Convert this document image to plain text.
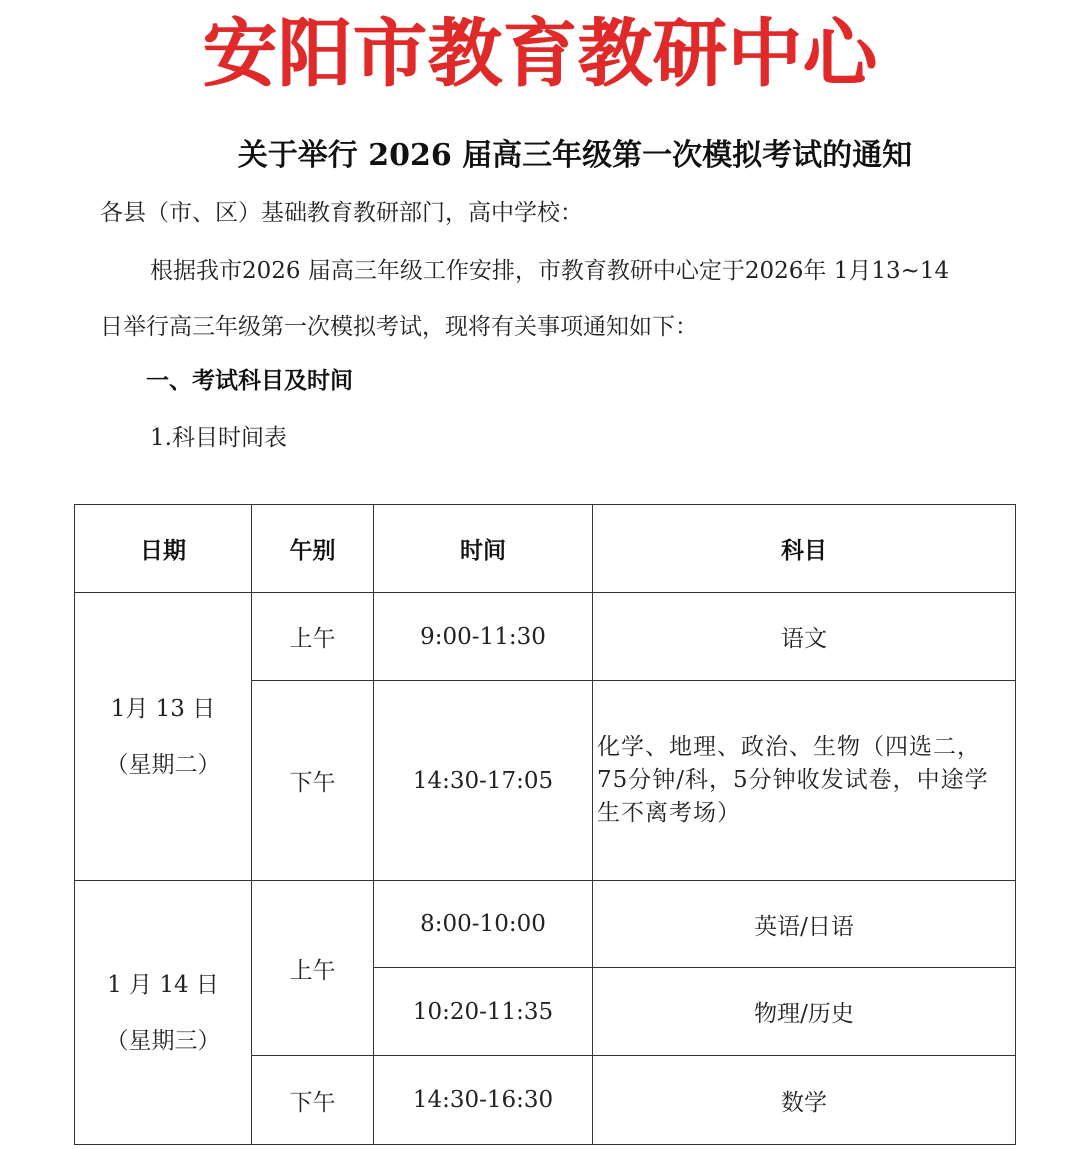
安阳市教育教研中心
关于举行 2026 届高三年级第一次模拟考试的通知
各县（市、区）基础教育教研部门，高中学校：
根据我市2026 届高三年级工作安排，市教育教研中心定于2026年 1月13~14
日举行高三年级第一次模拟考试，现将有关事项通知如下：
一、考试科目及时间
1.科目时间表
日期	午别	时间	科目

1月 13 日
（星期二）	上午	9:00-11:30	语文
	下午	14:30-17:05	化学、地理、政治、生物（四选二，75分钟/科，5分钟收发试卷，中途学生不离考场）

1 月 14 日
（星期三）	上午	8:00-10:00	英语/日语
		10:20-11:35	物理/历史
	下午	14:30-16:30	数学
